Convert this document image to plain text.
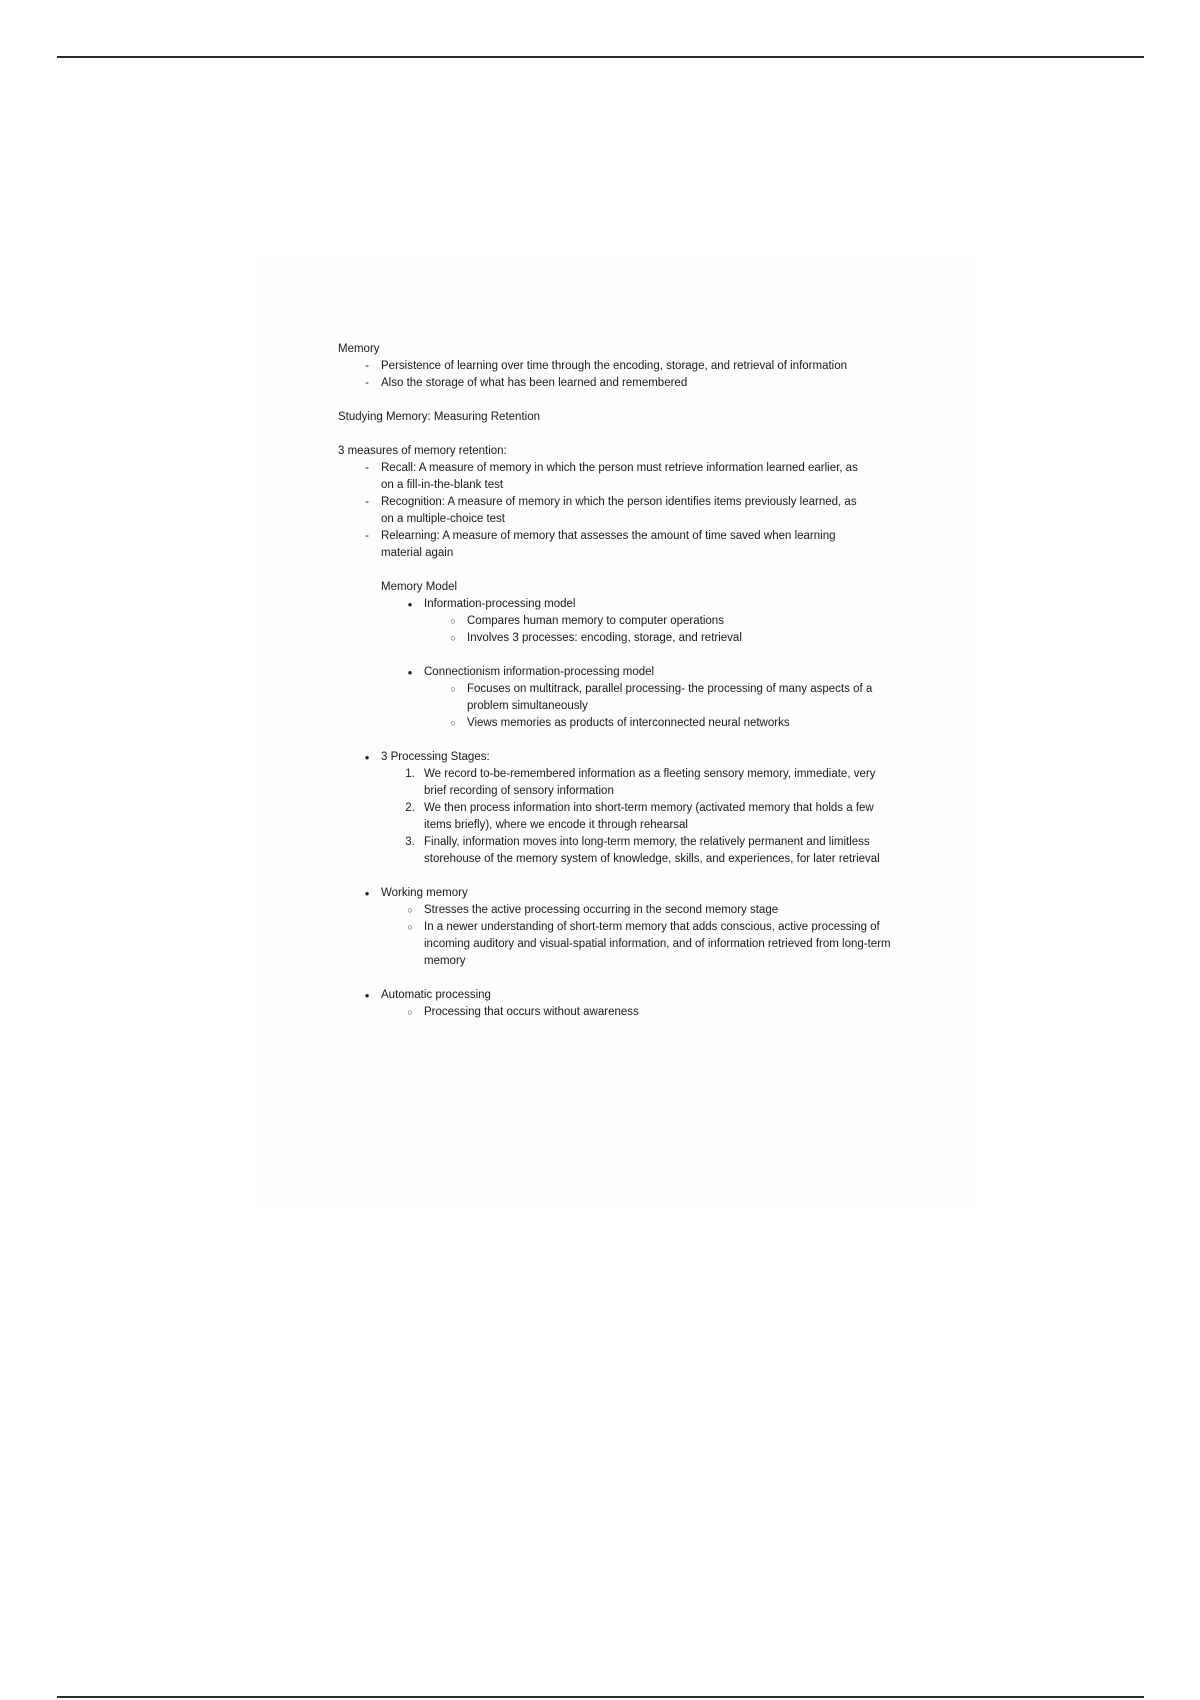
Memory

-
Persistence of learning over time through the encoding, storage, and retrieval of information
-
Also the storage of what has been learned and remembered

Studying Memory: Measuring Retention

3 measures of memory retention:

-
Recall: A measure of memory in which the person must retrieve information learned earlier, as on a fill-in-the-blank test
-
Recognition: A measure of memory in which the person identifies items previously learned, as on a multiple-choice test
-
Relearning: A measure of memory that assesses the amount of time saved when learning material again

Memory Model

•
Information-processing model
○
Compares human memory to computer operations
○
Involves 3 processes: encoding, storage, and retrieval
•
Connectionism information-processing model
○
Focuses on multitrack, parallel processing- the processing of many aspects of a problem simultaneously
○
Views memories as products of interconnected neural networks
•
3 Processing Stages:
1. We record to-be-remembered information as a fleeting sensory memory, immediate, very brief recording of sensory information
2. We then process information into short-term memory (activated memory that holds a few items briefly), where we encode it through rehearsal
3. Finally, information moves into long-term memory, the relatively permanent and limitless storehouse of the memory system of knowledge, skills, and experiences, for later retrieval
•
Working memory
○
Stresses the active processing occurring in the second memory stage
○
In a newer understanding of short-term memory that adds conscious, active processing of incoming auditory and visual-spatial information, and of information retrieved from long-term memory
•
Automatic processing
○
Processing that occurs without awareness
